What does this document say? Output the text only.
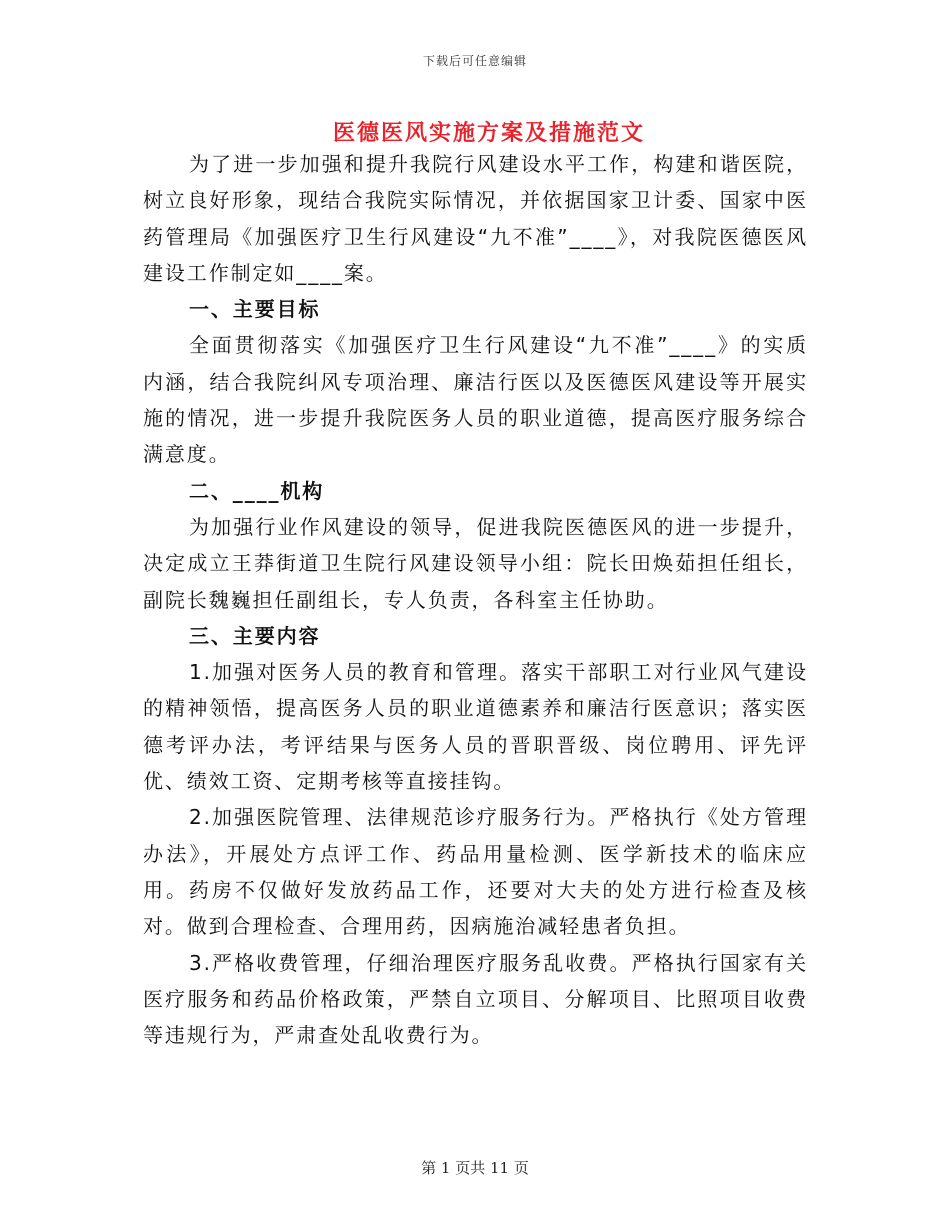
下载后可任意编辑
医德医风实施方案及措施范文

为了进一步加强和提升我院行风建设水平工作，构建和谐医院，树立良好形象，现结合我院实际情况，并依据国家卫计委、国家中医药管理局《加强医疗卫生行风建设“九不准”____》，对我院医德医风建设工作制定如____案。

一、主要目标

全面贯彻落实《加强医疗卫生行风建设“九不准”____》的实质内涵，结合我院纠风专项治理、廉洁行医以及医德医风建设等开展实施的情况，进一步提升我院医务人员的职业道德，提高医疗服务综合满意度。

二、____机构

为加强行业作风建设的领导，促进我院医德医风的进一步提升，决定成立王莽街道卫生院行风建设领导小组：院长田焕茹担任组长，副院长魏巍担任副组长，专人负责，各科室主任协助。

三、主要内容

1.加强对医务人员的教育和管理。落实干部职工对行业风气建设的精神领悟，提高医务人员的职业道德素养和廉洁行医意识；落实医德考评办法，考评结果与医务人员的晋职晋级、岗位聘用、评先评优、绩效工资、定期考核等直接挂钩。

2.加强医院管理、法律规范诊疗服务行为。严格执行《处方管理办法》，开展处方点评工作、药品用量检测、医学新技术的临床应用。药房不仅做好发放药品工作，还要对大夫的处方进行检查及核对。做到合理检查、合理用药，因病施治减轻患者负担。

3.严格收费管理，仔细治理医疗服务乱收费。严格执行国家有关医疗服务和药品价格政策，严禁自立项目、分解项目、比照项目收费等违规行为，严肃查处乱收费行为。

第 1 页共 11 页
